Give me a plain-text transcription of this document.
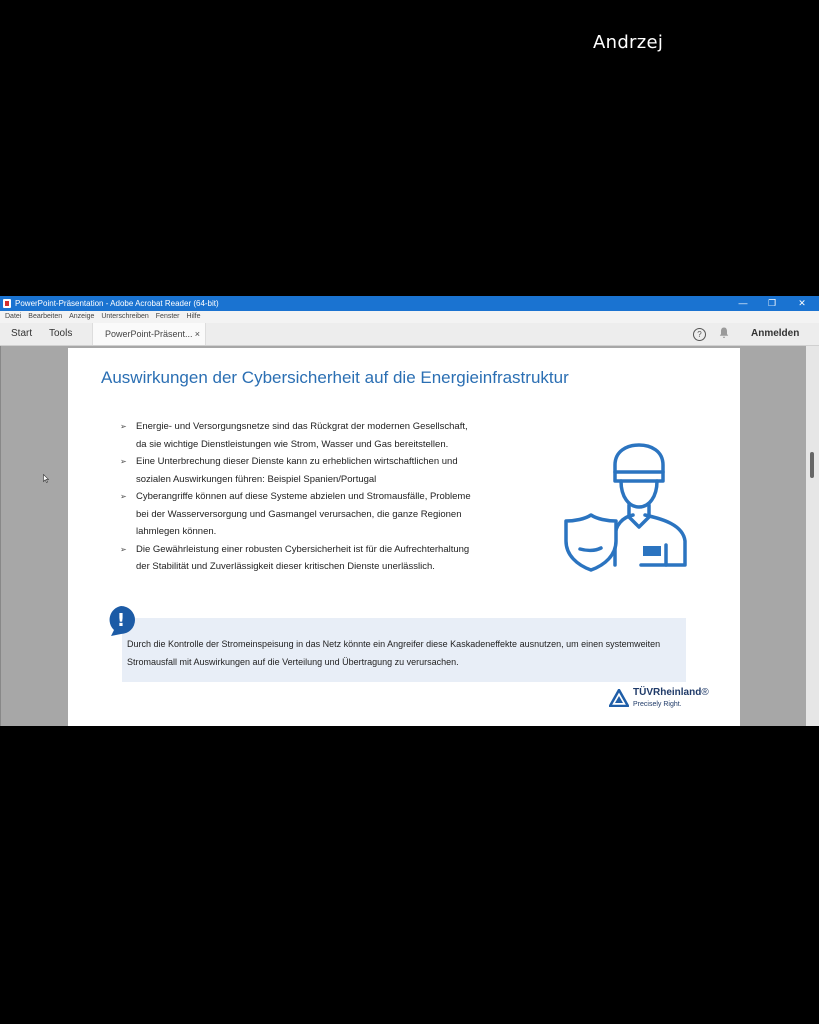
Andrzej
PowerPoint-Präsentation - Adobe Acrobat Reader (64-bit)	—	❐	✕
Datei Bearbeiten Anzeige Unterschreiben Fenster Hilfe
Start Tools	PowerPoint-Präsent... ×	?	Anmelden
Auswirkungen der Cybersicherheit auf die Energieinfrastruktur
➢ Energie- und Versorgungsnetze sind das Rückgrat der modernen Gesellschaft, da sie wichtige Dienstleistungen wie Strom, Wasser und Gas bereitstellen.
➢ Eine Unterbrechung dieser Dienste kann zu erheblichen wirtschaftlichen und sozialen Auswirkungen führen: Beispiel Spanien/Portugal
➢ Cyberangriffe können auf diese Systeme abzielen und Stromausfälle, Probleme bei der Wasserversorgung und Gasmangel verursachen, die ganze Regionen lahmlegen können.
➢ Die Gewährleistung einer robusten Cybersicherheit ist für die Aufrechterhaltung der Stabilität und Zuverlässigkeit dieser kritischen Dienste unerlässlich.
Durch die Kontrolle der Stromeinspeisung in das Netz könnte ein Angreifer diese Kaskadeneffekte ausnutzen, um einen systemweiten Stromausfall mit Auswirkungen auf die Verteilung und Übertragung zu verursachen.
!
TÜVRheinland®
Precisely Right.
